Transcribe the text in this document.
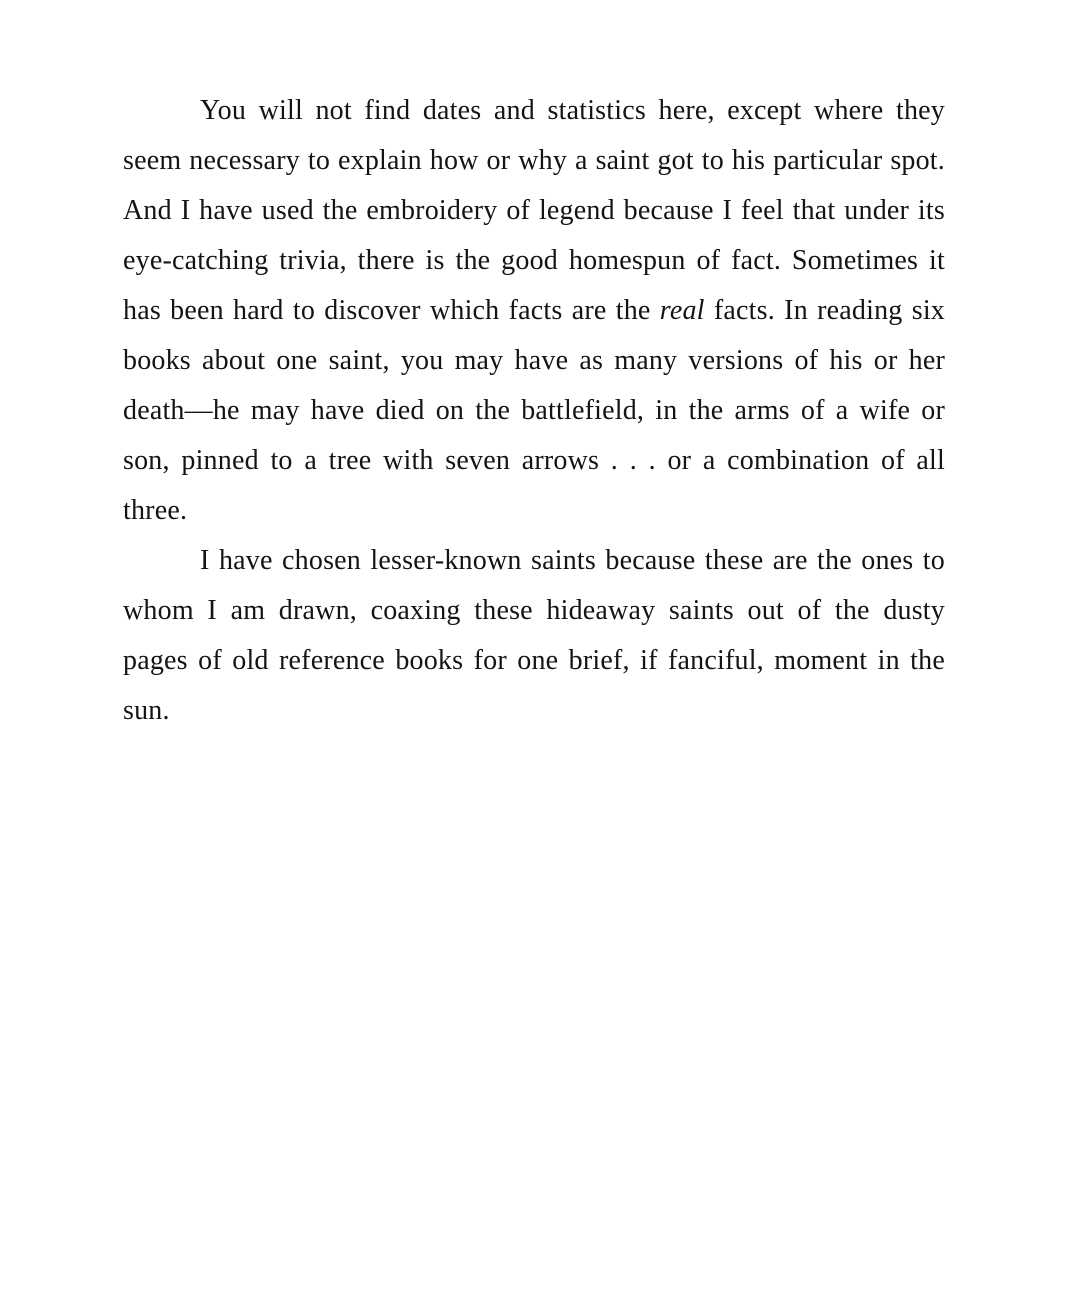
You will not find dates and statistics here, except where they seem necessary to explain how or why a saint got to his particular spot. And I have used the embroidery of legend because I feel that under its eye-catching trivia, there is the good homespun of fact. Sometimes it has been hard to discover which facts are the real facts. In reading six books about one saint, you may have as many versions of his or her death—he may have died on the battlefield, in the arms of a wife or son, pinned to a tree with seven arrows . . . or a combination of all three.

I have chosen lesser-known saints because these are the ones to whom I am drawn, coaxing these hideaway saints out of the dusty pages of old reference books for one brief, if fanciful, moment in the sun.
